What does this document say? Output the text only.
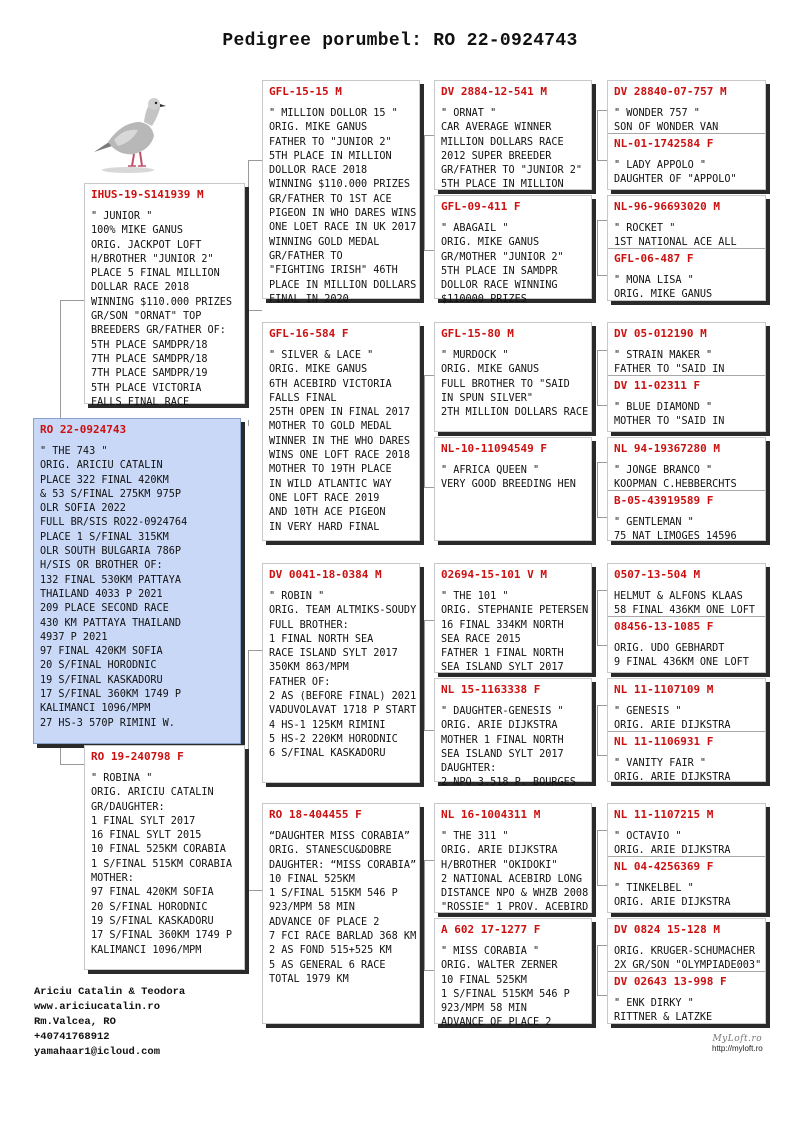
Pedigree porumbel: RO 22-0924743
RO 22-0924743
" THE 743 "
ORIG. ARICIU CATALIN
PLACE 322 FINAL 420KM
& 53 S/FINAL 275KM 975P
OLR SOFIA 2022
FULL BR/SIS RO22-0924764
PLACE 1 S/FINAL 315KM
OLR SOUTH BULGARIA 786P
H/SIS OR BROTHER OF:
132 FINAL 530KM PATTAYA
THAILAND 4033 P 2021
209 PLACE SECOND RACE
430 KM PATTAYA THAILAND
4937 P 2021
97 FINAL 420KM SOFIA
20 S/FINAL HORODNIC
19 S/FINAL KASKADORU
17 S/FINAL 360KM 1749 P
KALIMANCI 1096/MPM
27 HS-3 570P RIMINI W.
IHUS-19-S141939 M
" JUNIOR "
100% MIKE GANUS
ORIG. JACKPOT LOFT
H/BROTHER "JUNIOR 2"
PLACE 5 FINAL MILLION
DOLLAR RACE 2018
WINNING $110.000 PRIZES
GR/SON "ORNAT" TOP
BREEDERS GR/FATHER OF:
5TH PLACE SAMDPR/18
7TH PLACE SAMDPR/18
7TH PLACE SAMDPR/19
5TH PLACE VICTORIA
FALLS FINAL RACE
RO 19-240798 F
" ROBINA "
ORIG. ARICIU CATALIN
GR/DAUGHTER:
1 FINAL SYLT 2017
16 FINAL SYLT 2015
10 FINAL 525KM CORABIA
1 S/FINAL 515KM CORABIA
MOTHER:
97 FINAL 420KM SOFIA
20 S/FINAL HORODNIC
19 S/FINAL KASKADORU
17 S/FINAL 360KM 1749 P
KALIMANCI 1096/MPM
GFL-15-15 M
" MILLION DOLLOR 15 "
ORIG. MIKE GANUS
FATHER TO "JUNIOR 2"
5TH PLACE IN MILLION
DOLLOR RACE 2018
WINNING $110.000 PRIZES
GR/FATHER TO 1ST ACE
PIGEON IN WHO DARES WINS
ONE LOET RACE IN UK 2017
WINNING GOLD MEDAL
GR/FATHER TO
"FIGHTING IRISH" 46TH
PLACE IN MILLION DOLLARS
FINAL IN 2020
GFL-16-584 F
" SILVER & LACE "
ORIG. MIKE GANUS
6TH ACEBIRD VICTORIA
FALLS FINAL
25TH OPEN IN FINAL 2017
MOTHER TO GOLD MEDAL
WINNER IN THE WHO DARES
WINS ONE LOFT RACE 2018
MOTHER TO 19TH PLACE
IN WILD ATLANTIC WAY
ONE LOFT RACE 2019
AND 10TH ACE PIGEON
IN VERY HARD FINAL
DV 0041-18-0384 M
" ROBIN "
ORIG. TEAM ALTMIKS-SOUDY
FULL BROTHER:
1 FINAL NORTH SEA
RACE ISLAND SYLT 2017
350KM 863/MPM
FATHER OF:
2 AS (BEFORE FINAL) 2021
VADUVOLAVAT 1718 P START
4 HS-1 125KM RIMINI
5 HS-2 220KM HORODNIC
6 S/FINAL KASKADORU
RO 18-404455 F
“DAUGHTER MISS CORABIA”
ORIG. STANESCU&DOBRE
DAUGHTER: “MISS CORABIA”
10 FINAL 525KM
1 S/FINAL 515KM 546 P
923/MPM 58 MIN
ADVANCE OF PLACE 2
7 FCI RACE BARLAD 368 KM
2 AS FOND 515+525 KM
5 AS GENERAL 6 RACE
TOTAL 1979 KM
DV 2884-12-541 M
" ORNAT "
CAR AVERAGE WINNER
MILLION DOLLARS RACE
2012 SUPER BREEDER
GR/FATHER TO "JUNIOR 2"
5TH PLACE IN MILLION
GFL-09-411 F
" ABAGAIL "
ORIG. MIKE GANUS
GR/MOTHER "JUNIOR 2"
5TH PLACE IN SAMDPR
DOLLOR RACE WINNING
$110000 PRIZES
GFL-15-80 M
" MURDOCK "
ORIG. MIKE GANUS
FULL BROTHER TO "SAID
IN SPUN SILVER"
2TH MILLION DOLLARS RACE
NL-10-11094549 F
" AFRICA QUEEN "
VERY GOOD BREEDING HEN
02694-15-101 V M
" THE 101 "
ORIG. STEPHANIE PETERSEN
16 FINAL 334KM NORTH
SEA RACE 2015
FATHER 1 FINAL NORTH
SEA ISLAND SYLT 2017
NL 15-1163338 F
" DAUGHTER-GENESIS "
ORIG. ARIE DIJKSTRA
MOTHER 1 FINAL NORTH
SEA ISLAND SYLT 2017
DAUGHTER:
2 NPO 3.518 P. BOURGES
NL 16-1004311 M
" THE 311 "
ORIG. ARIE DIJKSTRA
H/BROTHER "OKIDOKI"
2 NATIONAL ACEBIRD LONG
DISTANCE NPO & WHZB 2008
"ROSSIE" 1 PROV. ACEBIRD
A 602 17-1277 F
" MISS CORABIA "
ORIG. WALTER ZERNER
10 FINAL 525KM
1 S/FINAL 515KM 546 P
923/MPM 58 MIN
ADVANCE OF PLACE 2
DV 28840-07-757 M
" WONDER 757 "
SON OF WONDER VAN
NL-01-1742584 F
" LADY APPOLO "
DAUGHTER OF "APPOLO"
NL-96-96693020 M
" ROCKET "
1ST NATIONAL ACE ALL
GFL-06-487 F
" MONA LISA "
ORIG. MIKE GANUS
DV 05-012190 M
" STRAIN MAKER "
FATHER TO "SAID IN
DV 11-02311 F
" BLUE DIAMOND "
MOTHER TO "SAID IN
NL 94-19367280 M
" JONGE BRANCO "
KOOPMAN C.HEBBERCHTS
B-05-43919589 F
" GENTLEMAN "
75 NAT LIMOGES 14596
0507-13-504 M
HELMUT & ALFONS KLAAS
58 FINAL 436KM ONE LOFT
08456-13-1085 F
ORIG. UDO GEBHARDT
9 FINAL 436KM ONE LOFT
NL 11-1107109 M
" GENESIS "
ORIG. ARIE DIJKSTRA
NL 11-1106931 F
" VANITY FAIR "
ORIG. ARIE DIJKSTRA
NL 11-1107215 M
" OCTAVIO "
ORIG. ARIE DIJKSTRA
NL 04-4256369 F
" TINKELBEL "
ORIG. ARIE DIJKSTRA
DV 0824 15-128 M
ORIG. KRUGER-SCHUMACHER
2X GR/SON "OLYMPIADE003"
DV 02643 13-998 F
" ENK DIRKY "
RITTNER & LATZKE
Ariciu Catalin & Teodora
www.ariciucatalin.ro
Rm.Valcea, RO
+40741768912
yamahaar1@icloud.com
MyLoft.ro
http://myloft.ro
